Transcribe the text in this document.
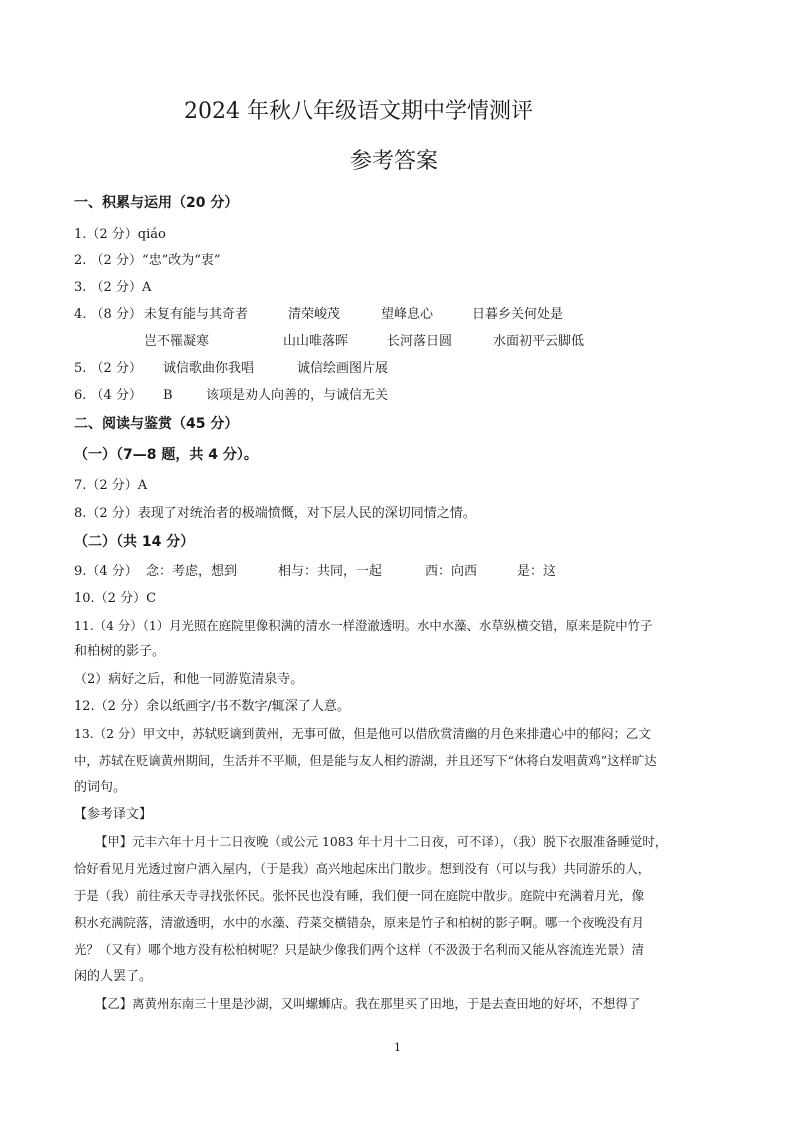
2024 年秋八年级语文期中学情测评
参考答案
一、积累与运用（20 分）
1.（2 分）qiáo
2. （2 分）“忠”改为“衷”
3. （2 分）A
4. （8 分） 未复有能与其奇者	清荣峻茂	望峰息心	日暮乡关何处是
岂不罹凝寒	山山唯落晖	长河落日圆	水面初平云脚低
5. （2 分） 诚信歌曲你我唱	诚信绘画图片展
6. （4 分） B	该项是劝人向善的，与诚信无关
二、阅读与鉴赏（45 分）
（一）（7—8 题，共 4 分）。
7.（2 分）A
8.（2 分）表现了对统治者的极端愤慨，对下层人民的深切同情之情。
（二）（共 14 分）
9.（4 分） 念：考虑，想到	相与：共同，一起	西：向西	是：这
10.（2 分）C
11.（4 分）（1）月光照在庭院里像积满的清水一样澄澈透明。水中水藻、水草纵横交错，原来是院中竹子
和柏树的影子。
（2）病好之后，和他一同游览清泉寺。
12.（2 分）余以纸画字/书不数字/辄深了人意。
13.（2 分）甲文中，苏轼贬谪到黄州，无事可做，但是他可以借欣赏清幽的月色来排遣心中的郁闷；乙文
中，苏轼在贬谪黄州期间，生活并不平顺，但是能与友人相约游湖，并且还写下“休将白发唱黄鸡”这样旷达
的词句。
【参考译文】
【甲】元丰六年十月十二日夜晚（或公元 1083 年十月十二日夜，可不译），（我）脱下衣服准备睡觉时，
恰好看见月光透过窗户洒入屋内，（于是我）高兴地起床出门散步。想到没有（可以与我）共同游乐的人，
于是（我）前往承天寺寻找张怀民。张怀民也没有睡，我们便一同在庭院中散步。庭院中充满着月光，像
积水充满院落，清澈透明，水中的水藻、荇菜交横错杂，原来是竹子和柏树的影子啊。哪一个夜晚没有月
光？（又有）哪个地方没有松柏树呢？只是缺少像我们两个这样（不汲汲于名利而又能从容流连光景）清
闲的人罢了。
【乙】离黄州东南三十里是沙湖，又叫螺蛳店。我在那里买了田地，于是去查田地的好坏，不想得了
1
